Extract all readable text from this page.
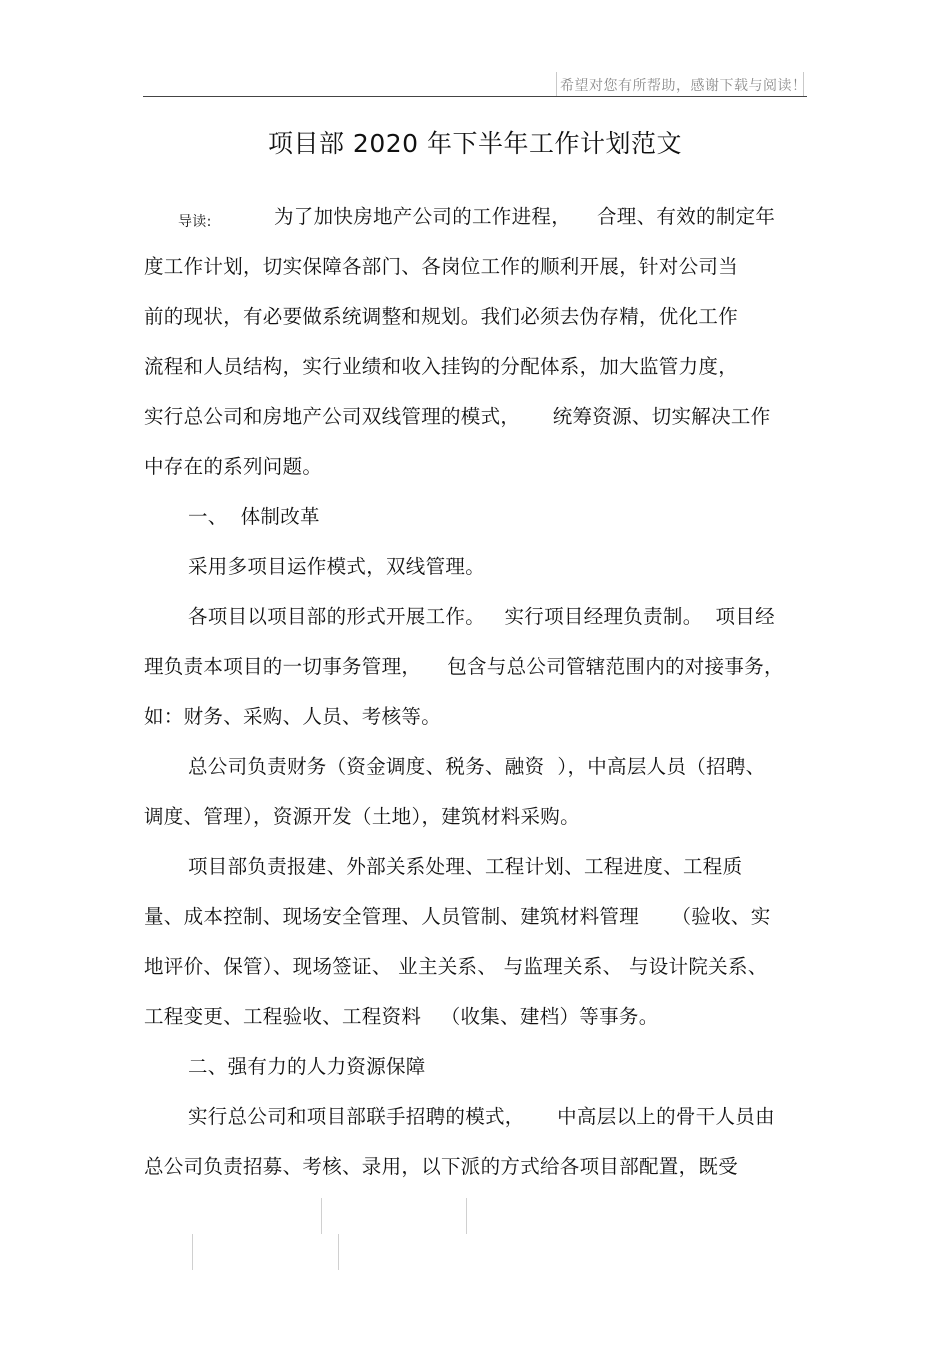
希望对您有所帮助，感谢下载与阅读！
项目部 2020 年下半年工作计划范文
导读:	为了加快房地产公司的工作进程，    合理、有效的制定年
度工作计划，切实保障各部门、各岗位工作的顺利开展，针对公司当
前的现状，有必要做系统调整和规划。我们必须去伪存精，优化工作
流程和人员结构，实行业绩和收入挂钩的分配体系，加大监管力度，
实行总公司和房地产公司双线管理的模式，     统筹资源、切实解决工作
中存在的系列问题。
一、  体制改革
采用多项目运作模式，双线管理。
各项目以项目部的形式开展工作。   实行项目经理负责制。  项目经
理负责本项目的一切事务管理，    包含与总公司管辖范围内的对接事务，
如：财务、采购、人员、考核等。
总公司负责财务（资金调度、税务、融资  ），中高层人员（招聘、
调度、管理），资源开发（土地），建筑材料采购。
项目部负责报建、外部关系处理、工程计划、工程进度、工程质
量、成本控制、现场安全管理、人员管制、建筑材料管理     （验收、实
地评价、保管）、现场签证、 业主关系、 与监理关系、 与设计院关系、
工程变更、工程验收、工程资料   （收集、建档）等事务。
二、强有力的人力资源保障
实行总公司和项目部联手招聘的模式，     中高层以上的骨干人员由
总公司负责招募、考核、录用，以下派的方式给各项目部配置，既受
